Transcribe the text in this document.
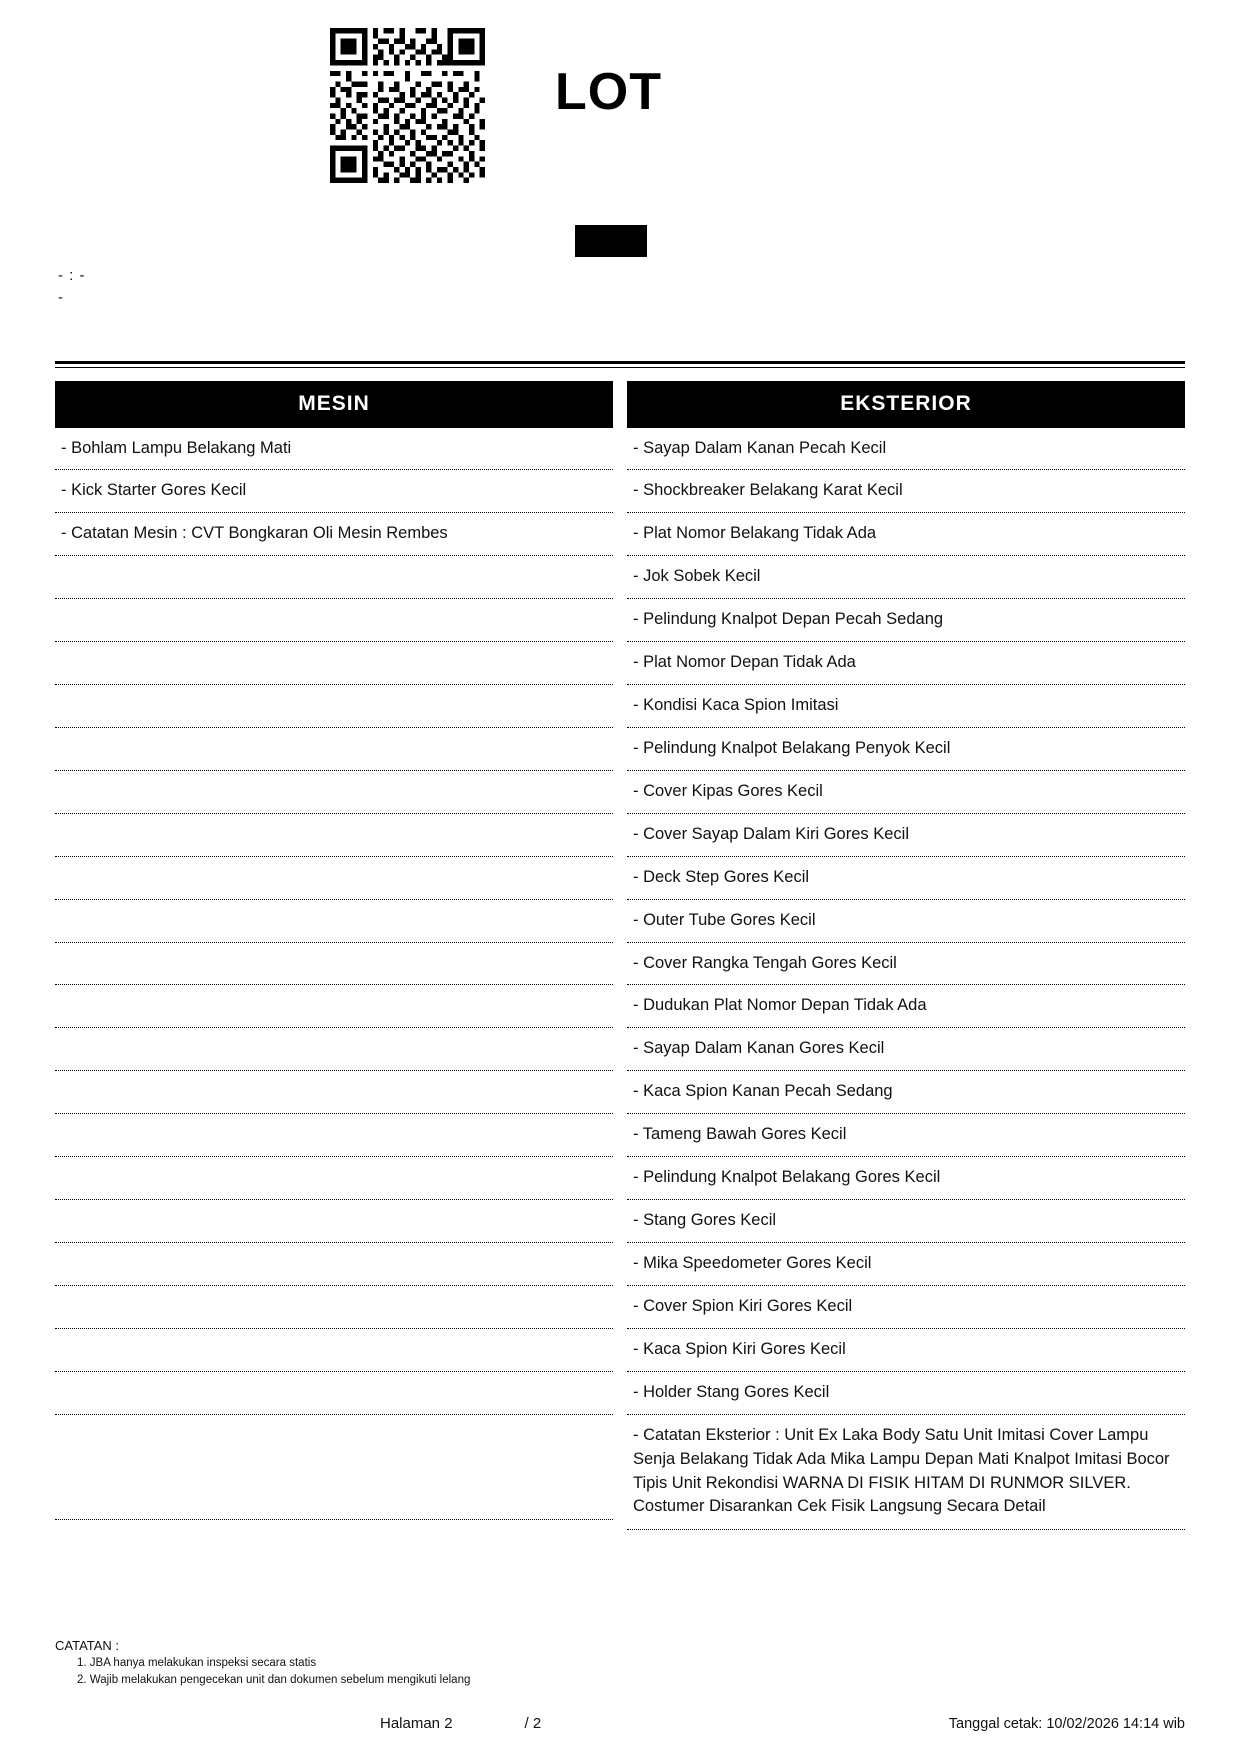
LOT
- : -
-
MESIN
- Bohlam Lampu Belakang Mati
- Kick Starter Gores Kecil
- Catatan Mesin : CVT Bongkaran Oli Mesin Rembes

EKSTERIOR
- Sayap Dalam Kanan Pecah Kecil
- Shockbreaker Belakang Karat Kecil
- Plat Nomor Belakang Tidak Ada
- Jok Sobek Kecil
- Pelindung Knalpot Depan Pecah Sedang
- Plat Nomor Depan Tidak Ada
- Kondisi Kaca Spion Imitasi
- Pelindung Knalpot Belakang Penyok Kecil
- Cover Kipas Gores Kecil
- Cover Sayap Dalam Kiri Gores Kecil
- Deck Step Gores Kecil
- Outer Tube Gores Kecil
- Cover Rangka Tengah Gores Kecil
- Dudukan Plat Nomor Depan Tidak Ada
- Sayap Dalam Kanan Gores Kecil
- Kaca Spion Kanan Pecah Sedang
- Tameng Bawah Gores Kecil
- Pelindung Knalpot Belakang Gores Kecil
- Stang Gores Kecil
- Mika Speedometer Gores Kecil
- Cover Spion Kiri Gores Kecil
- Kaca Spion Kiri Gores Kecil
- Holder Stang Gores Kecil
- Catatan Eksterior : Unit Ex Laka Body Satu Unit Imitasi Cover Lampu Senja Belakang Tidak Ada Mika Lampu Depan Mati Knalpot Imitasi Bocor Tipis Unit Rekondisi WARNA DI FISIK HITAM DI RUNMOR SILVER. Costumer Disarankan Cek Fisik Langsung Secara Detail
CATATAN :
1. JBA hanya melakukan inspeksi secara statis
2. Wajib melakukan pengecekan unit dan dokumen sebelum mengikuti lelang
Halaman 2	/ 2	Tanggal cetak: 10/02/2026 14:14 wib
